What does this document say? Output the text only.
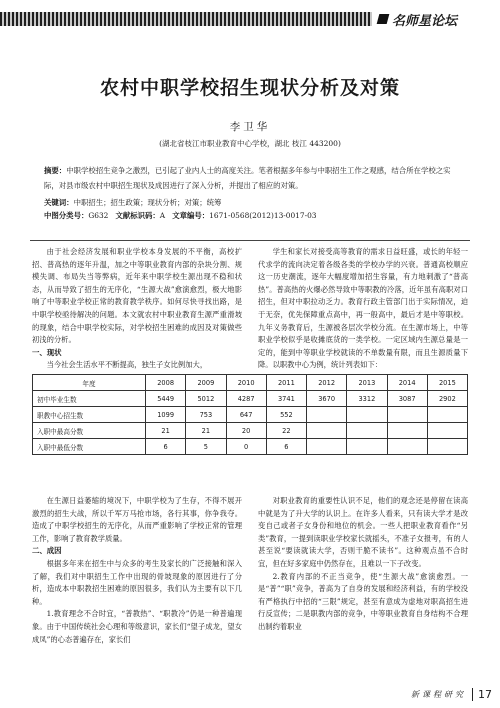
名师星论坛
农村中职学校招生现状分析及对策
李卫华
(湖北省枝江市职业教育中心学校，湖北 枝江 443200)
摘要：中职学校招生竞争之激烈，已引起了业内人士的高度关注。笔者根据多年参与中职招生工作之观感，结合所在学校之实际，对县市级农村中职招生现状及成因进行了深入分析，并提出了相应的对策。
关键词：中职招生；招生政策；现状分析；对策；统筹
中图分类号：G632 文献标识码：A 文章编号：1671-0568(2012)13-0017-03

由于社会经济发展和职业学校本身发展的不平衡，高校扩招、普高热的逐年升温，加之中等职业教育内部的杂块分割、规模失调、布局失当等弊病，近年来中职学校生源出现不稳和状态，从而导致了招生的无序化，“生源大战”愈演愈烈，极大地影响了中等职业学校正常的教育教学秩序。如何尽快寻找出路，是中职学校亟待解决的问题。本文就农村中职业教育生源严重滑坡的现象，结合中职学校实际，对学校招生困难的成因及对策做些初浅的分析。

一、现状

当今社会生活水平不断提高，独生子女比例加大，

学生和家长对接受高等教育的需求日益旺盛，或长的年轻一代求学的流向决定着各级各类的学校办学的兴衰。普通高校顺应这一历史潮流，逐年大幅度增加招生容量，有力地刺激了“普高热”。普高热的火爆必然导致中等职教的冷落，近年虽有高职对口招生，但对中职拉动乏力。教育行政主管部门出于实际情况，迫于无奈，优先保障重点高中，再一般高中，最后才是中等职校。九年义务教育后，生源被各层次学校分流。在生源市场上，中等职业学校似乎是收摊底货的一类学校。一定区域内生源总量是一定的，能到中等职业学校就读的不单数量有限，而且生源质量下降。以职教中心为例，统计列表如下：

年度	2008	2009	2010	2011	2012	2013	2014	2015
初中毕业生数	5449	5012	4287	3741	3670	3312	3087	2902
职教中心招生数	1099	753	647	552				
入职中最高分数	21	21	20	22				
入职中最低分数	6	5	0	6				

在生源日益萎缩的境况下，中职学校为了生存，不得不展开激烈的招生大战，所以千军万马抢市场，各行其事，你争我夺。造成了中职学校招生的无序化，从而严重影响了学校正常的管理工作，影响了教育教学质量。

二、成因

根据多年来在招生中与众多的考生及家长的广泛接触和深入了解，我们对中职招生工作中出现的骨坡现象的原因进行了分析，造成本中职教招生困难的原因很多，我们认为主要有以下几种。

1.教育理念不合时宜，“普教热”、“职教冷”仍是一种普遍现象。由于中国传统社会心理和等级意识，家长们“望子成龙，望女成凤”的心态普遍存在，家长们

对职业教育的重要性认识不足，他们的观念还是停留在读高中就是为了升大学的认识上。在许多人看来，只有读大学才是改变自己或者子女身份和地位的机会。一些人把职业教育看作“另类”教育，一提到读职业学校家长就摇头，不准子女报考，有的人甚至说“要读就读大学，否则干脆不读书”。这种观点虽不合时宜，但在好多家庭中仍然存在，且难以一下子改变。

2.教育内部的不正当竞争，使“生源大战”愈演愈烈。一是“普”“职”竞争，普高为了自身的发展和经济利益，有的学校没有严格执行中招的“三限”规定，甚至有意成为虚地对职高招生进行反宣传；二是职教内部的竞争，中等职业教育自身结构不合理出制约着职业

新课程研究	17
